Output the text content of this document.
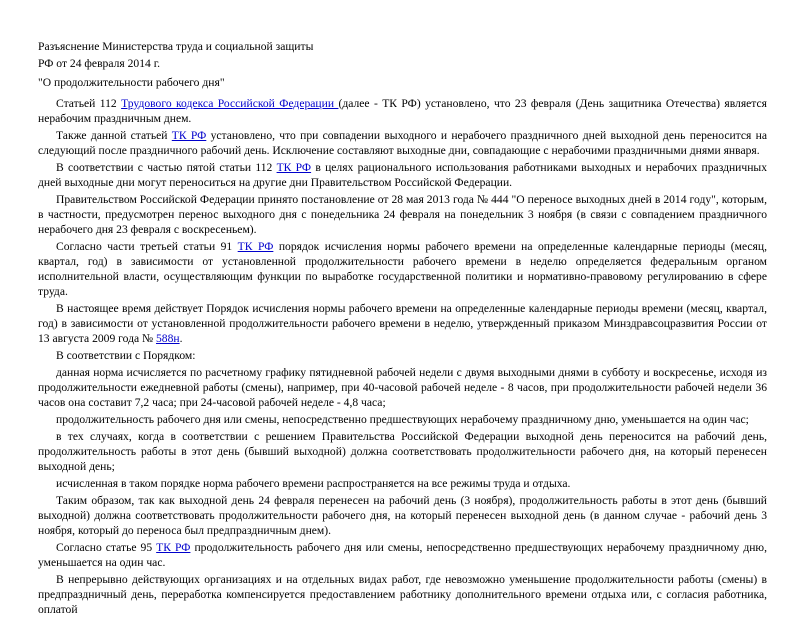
Разъяснение Министерства труда и социальной защиты
РФ от 24 февраля 2014 г.
"О продолжительности рабочего дня"

Статьей 112 Трудового кодекса Российской Федерации (далее - ТК РФ) установлено, что 23 февраля (День защитника Отечества) является нерабочим праздничным днем.

Также данной статьей ТК РФ установлено, что при совпадении выходного и нерабочего праздничного дней выходной день переносится на следующий после праздничного рабочий день. Исключение составляют выходные дни, совпадающие с нерабочими праздничными днями января.

В соответствии с частью пятой статьи 112 ТК РФ в целях рационального использования работниками выходных и нерабочих праздничных дней выходные дни могут переноситься на другие дни Правительством Российской Федерации.

Правительством Российской Федерации принято постановление от 28 мая 2013 года № 444 "О переносе выходных дней в 2014 году", которым, в частности, предусмотрен перенос выходного дня с понедельника 24 февраля на понедельник 3 ноября (в связи с совпадением праздничного нерабочего дня 23 февраля с воскресеньем).

Согласно части третьей статьи 91 ТК РФ порядок исчисления нормы рабочего времени на определенные календарные периоды (месяц, квартал, год) в зависимости от установленной продолжительности рабочего времени в неделю определяется федеральным органом исполнительной власти, осуществляющим функции по выработке государственной политики и нормативно-правовому регулированию в сфере труда.

В настоящее время действует Порядок исчисления нормы рабочего времени на определенные календарные периоды времени (месяц, квартал, год) в зависимости от установленной продолжительности рабочего времени в неделю, утвержденный приказом Минздравсоцразвития России от 13 августа 2009 года № 588н.

В соответствии с Порядком:

данная норма исчисляется по расчетному графику пятидневной рабочей недели с двумя выходными днями в субботу и воскресенье, исходя из продолжительности ежедневной работы (смены), например, при 40-часовой рабочей неделе - 8 часов, при продолжительности рабочей недели 36 часов она составит 7,2 часа; при 24-часовой рабочей неделе - 4,8 часа;

продолжительность рабочего дня или смены, непосредственно предшествующих нерабочему праздничному дню, уменьшается на один час;

в тех случаях, когда в соответствии с решением Правительства Российской Федерации выходной день переносится на рабочий день, продолжительность работы в этот день (бывший выходной) должна соответствовать продолжительности рабочего дня, на который перенесен выходной день;

исчисленная в таком порядке норма рабочего времени распространяется на все режимы труда и отдыха.

Таким образом, так как выходной день 24 февраля перенесен на рабочий день (3 ноября), продолжительность работы в этот день (бывший выходной) должна соответствовать продолжительности рабочего дня, на который перенесен выходной день (в данном случае - рабочий день 3 ноября, который до переноса был предпраздничным днем).

Согласно статье 95 ТК РФ продолжительность рабочего дня или смены, непосредственно предшествующих нерабочему праздничному дню, уменьшается на один час.

В непрерывно действующих организациях и на отдельных видах работ, где невозможно уменьшение продолжительности работы (смены) в предпраздничный день, переработка компенсируется предоставлением работнику дополнительного времени отдыха или, с согласия работника, оплатой
